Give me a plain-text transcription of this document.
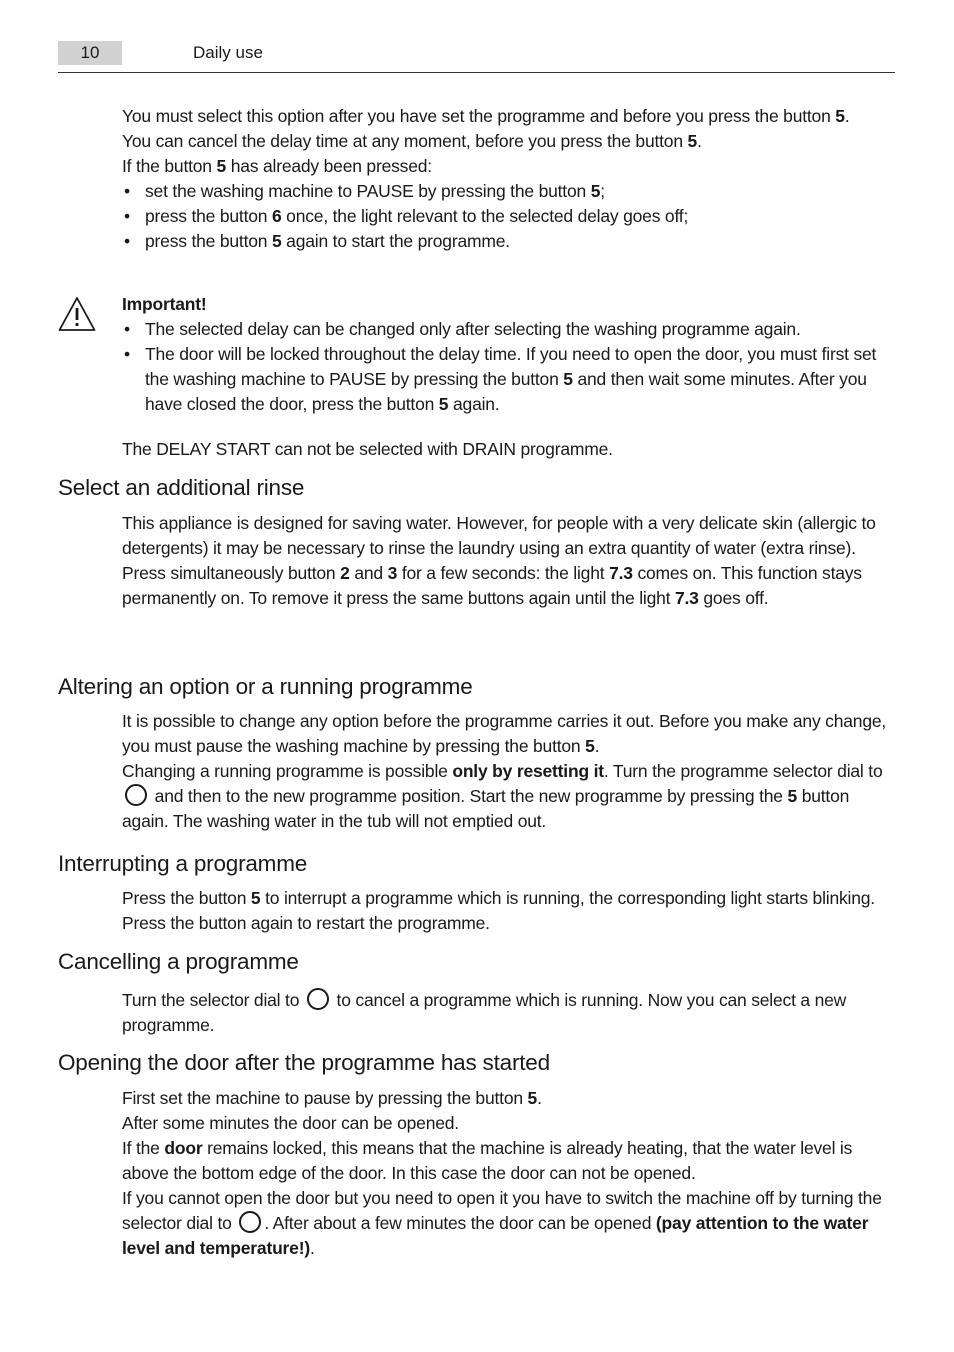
10	Daily use

You must select this option after you have set the programme and before you press the button 5.

You can cancel the delay time at any moment, before you press the button 5.

If the button 5 has already been pressed:

• set the washing machine to PAUSE by pressing the button 5;
• press the button 6 once, the light relevant to the selected delay goes off;
• press the button 5 again to start the programme.

Important!

• The selected delay can be changed only after selecting the washing programme again.
• The door will be locked throughout the delay time. If you need to open the door, you must first set the washing machine to PAUSE by pressing the button 5 and then wait some minutes. After you have closed the door, press the button 5 again.
The DELAY START can not be selected with DRAIN programme.
Select an additional rinse

This appliance is designed for saving water. However, for people with a very delicate skin (allergic to detergents) it may be necessary to rinse the laundry using an extra quantity of water (extra rinse).

Press simultaneously button 2 and 3 for a few seconds: the light 7.3 comes on. This function stays permanently on. To remove it press the same buttons again until the light 7.3 goes off.

Altering an option or a running programme

It is possible to change any option before the programme carries it out. Before you make any change, you must pause the washing machine by pressing the button 5.

Changing a running programme is possible only by resetting it. Turn the programme selector dial to  and then to the new programme position. Start the new programme by pressing the 5 button again. The washing water in the tub will not emptied out.

Interrupting a programme

Press the button 5 to interrupt a programme which is running, the corresponding light starts blinking. Press the button again to restart the programme.

Cancelling a programme

Turn the selector dial to  to cancel a programme which is running. Now you can select a new programme.

Opening the door after the programme has started

First set the machine to pause by pressing the button 5.

After some minutes the door can be opened.

If the door remains locked, this means that the machine is already heating, that the water level is above the bottom edge of the door. In this case the door can not be opened.

If you cannot open the door but you need to open it you have to switch the machine off by turning the selector dial to . After about a few minutes the door can be opened (pay attention to the water level and temperature!).
